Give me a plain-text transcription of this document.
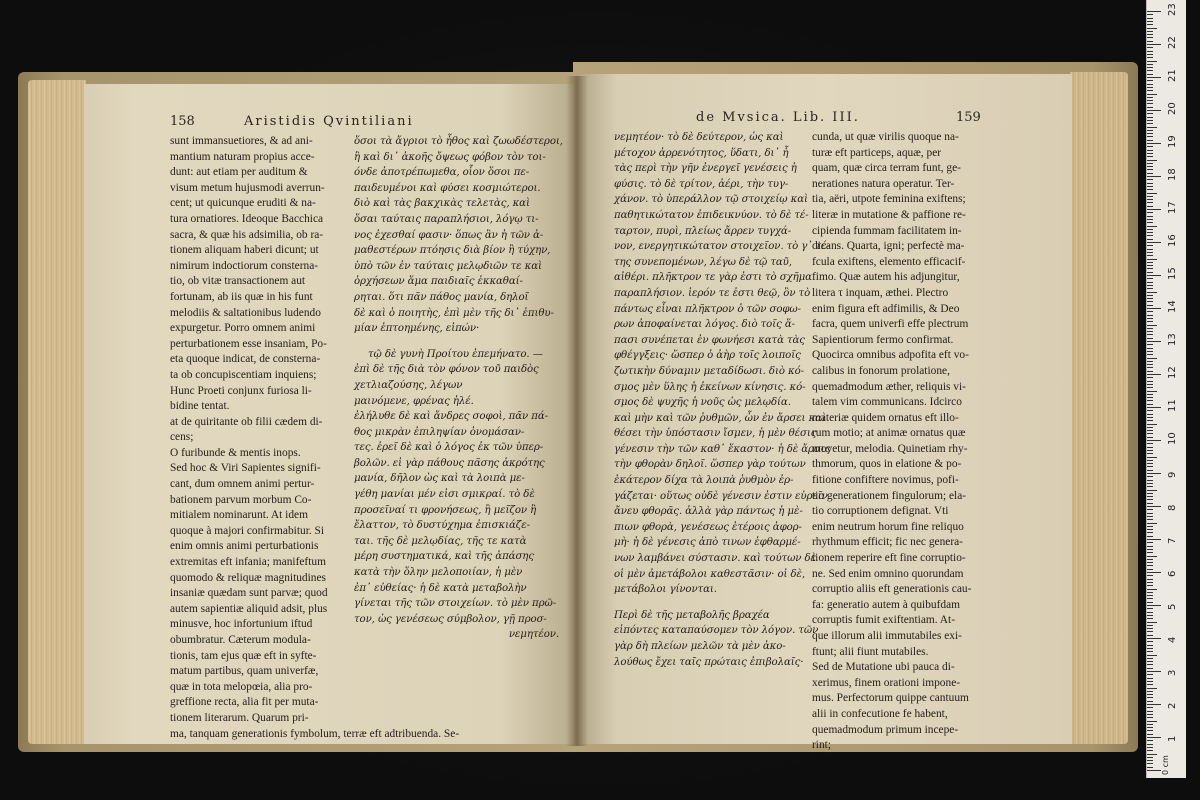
158	Aristidis Qvintiliani
sunt immansuetiores, & ad ani-
mantium naturam propius acce-
dunt: aut etiam per auditum &
visum metum hujusmodi averrun-
cent; ut quicunque eruditi & na-
tura ornatiores. Ideoque Bacchica
sacra, & quæ his adsimilia, ob ra-
tionem aliquam haberi dicunt; ut
nimirum indoctiorum consterna-
tio, ob vitæ transactionem aut
fortunam, ab iis quæ in his funt
melodiis & saltationibus ludendo
expurgetur. Porro omnem animi
perturbationem esse insaniam, Po-
eta quoque indicat, de consterna-
ta ob concupiscentiam inquiens;
Hunc Proeti conjunx furiosa li-
bidine tentat.
at de quiritante ob filii cædem di-
cens;
O furibunde & mentis inops.
Sed hoc & Viri Sapientes signifi-
cant, dum omnem animi pertur-
bationem parvum morbum Co-
mitialem nominarunt. At idem
quoque à majori confirmabitur. Si
enim omnis animi perturbationis
extremitas eft infania; manifeftum
quomodo & reliquæ magnitudines
insaniæ quædam sunt parvæ; quod
autem sapientiæ aliquid adsit, plus
minusve, hoc infortunium iftud
obumbratur. Cæterum modula-
tionis, tam ejus quæ eft in syfte-
matum partibus, quam univerfæ,
quæ in tota melopœia, alia pro-
greffione recta, alia fit per muta-
tionem literarum. Quarum pri-
ma, tanquam generationis fymbolum, terræ eft adtribuenda. Se-
ὅσοι τὰ ἄγριοι τὸ ἦθος καὶ ζωωδέστεροι,
ἢ καὶ δι᾽ ἀκοῆς ὄψεως φόβον τὸν τοι-
όνδε ἀποτρέπωμεθα, οἷον ὅσοι πε-
παιδευμένοι καὶ φύσει κοσμιώτεροι.
διὸ καὶ τὰς βακχικὰς τελετὰς, καὶ
ὅσαι ταύταις παραπλήσιοι, λόγῳ τι-
νος ἐχεσθαί φασιν· ὅπως ἂν ἡ τῶν ἀ-
μαθεστέρων πτόησις διὰ βίον ἢ τύχην,
ὑπὸ τῶν ἐν ταύταις μελῳδιῶν τε καὶ
ὀρχήσεων ἅμα παιδιαῖς ἐκκαθαί-
ρηται. ὅτι πᾶν πάθος μανία, δηλοῖ
δὲ καὶ ὁ ποιητὴς, ἐπὶ μὲν τῆς δι᾽ ἐπιθυ-
μίαν ἐπτοημένης, εἰπών·
τῷ δὲ γυνὴ Προίτου ἐπεμήνατο. —
ἐπὶ δὲ τῆς διὰ τὸν φόνον τοῦ παιδὸς
χετλιαζούσης, λέγων
μαινόμενε, φρένας ἠλέ.
ἐλήλυθε δὲ καὶ ἄνδρες σοφοὶ, πᾶν πά-
θος μικρὰν ἐπιληψίαν ὀνομάσαν-
τες. ἐρεῖ δὲ καὶ ὁ λόγος ἐκ τῶν ὑπερ-
βολῶν. εἰ γὰρ πάθους πᾶσης ἀκρότης
μανία, δῆλον ὡς καὶ τὰ λοιπὰ με-
γέθη μανίαι μέν εἰσι σμικραί. τὸ δὲ
προσεῖναί τι φρονήσεως, ἢ μεῖζον ἢ
ἔλαττον, τὸ δυστύχημα ἐπισκιάζε-
ται. τῆς δὲ μελῳδίας, τῆς τε κατὰ
μέρη συστηματικά, καὶ τῆς ἁπάσης
κατὰ τὴν ὅλην μελοποιίαν, ἡ μὲν
ἐπ᾽ εὐθείας· ἡ δὲ κατὰ μεταβολὴν
γίνεται τῆς τῶν στοιχείων. τὸ μὲν πρῶ-
τον, ὡς γενέσεως σύμβολον, γῇ προσ-
νεμητέον.
de Mvsica. Lib. III.	159
νεμητέον· τὸ δὲ δεύτερον, ὡς καὶ
μέτοχον ἀρρενότητος, ὕδατι, δι᾽ ἧ
τὰς περὶ τὴν γῆν ἐνεργεῖ γενέσεις ἡ
φύσις. τὸ δὲ τρίτον, ἀέρι, τὴν τυγ-
χάνον. τὸ ὑπεράλλον τῷ στοιχείῳ καὶ
παθητικώτατον ἐπιδεικνύον. τὸ δὲ τέ-
ταρτον, πυρὶ, πλείως ἄρρεν τυγχά-
νον, ενεργητικώτατον στοιχεῖον. τὸ γ᾽ τέ-
της συνεπομένων, λέγω δὲ τῷ ταῦ,
αἰθέρι. πλῆκτρον τε γὰρ ἐστι τὸ σχῆμα
παραπλήσιον. ἱερόν τε ἐστι θεῷ, ὃν τὸ
πάντως εἶναι πλῆκτρον ὁ τῶν σοφω-
ρων ἀποφαίνεται λόγος. διὸ τοῖς ἅ-
πασι συνέπεται ἐν φωνήεσι κατὰ τὰς
φθέγγξεις· ὥσπερ ὁ ἀὴρ τοῖς λοιποῖς
ζωτικὴν δύναμιν μεταδίδωσι. διὸ κό-
σμος μὲν ὕλης ἡ ἐκείνων κίνησις. κό-
σμος δὲ ψυχῆς ἡ νοῦς ὡς μελῳδία.
καὶ μὴν καὶ τῶν ῥυθμῶν, ὧν ἐν ἄρσει καὶ
θέσει τὴν ὑπόστασιν ἴσμεν, ἡ μὲν θέσις
γένεσιν τὴν τῶν καθ᾽ ἕκαστον· ἡ δὲ ἄρσις
τὴν φθορὰν δηλοῖ. ὥσπερ γὰρ τούτων
ἑκάτερον δίχα τὰ λοιπὰ ῥυθμὸν ἐρ-
γάζεται· οὕτως οὐδὲ γένεσιν ἐστιν εὑρεῖν
ἄνευ φθορᾶς. ἀλλὰ γὰρ πάντως ἡ μὲ-
πιων φθορὰ, γενέσεως ἑτέροις ἀφορ-
μὴ· ἡ δὲ γένεσις ἀπὸ τινων ἐφθαρμέ-
νων λαμβάνει σύστασιν. καὶ τούτων δὲ
οἱ μὲν ἀμετάβολοι καθεστᾶσιν· οἱ δὲ,
μετάβολοι γίνονται.
Περὶ δὲ τῆς μεταβολῆς βραχέα
εἰπόντες καταπαύσομεν τὸν λόγον. τῶν
γὰρ δὴ πλείων μελῶν τὰ μὲν ἀκο-
λούθως ἔχει ταῖς πρώταις ἐπιβολαῖς·
cunda, ut quæ virilis quoque na-
turæ eft particeps, aquæ, per
quam, quæ circa terram funt, ge-
nerationes natura operatur. Ter-
tia, aëri, utpote feminina exiftens;
literæ in mutatione & paffione re-
cipienda fummam facilitatem in-
dicans. Quarta, igni; perfectè ma-
fcula exiftens, elemento efficacif-
fimo. Quæ autem his adjungitur,
litera τ inquam, æthei. Plectro
enim figura eft adfimilis, & Deo
facra, quem univerfi effe plectrum
Sapientiorum fermo confirmat.
Quocirca omnibus adpofita eft vo-
calibus in fonorum prolatione,
quemadmodum æther, reliquis vi-
talem vim communicans. Idcirco
materiæ quidem ornatus eft illo-
rum motio; at animæ ornatus quæ
movetur, melodia. Quinetiam rhy-
thmorum, quos in elatione & po-
fitione confiftere novimus, pofi-
tio generationem fingulorum; ela-
tio corruptionem defignat. Vti
enim neutrum horum fine reliquo
rhythmum efficit; fic nec genera-
tionem reperire eft fine corruptio-
ne. Sed enim omnino quorundam
corruptio aliis eft generationis cau-
fa: generatio autem à quibufdam
corruptis fumit exiftentiam. At-
que illorum alii immutabiles exi-
ftunt; alii fiunt mutabiles.
Sed de Mutatione ubi pauca di-
xerimus, finem orationi impone-
mus. Perfectorum quippe cantuum
alii in confecutione fe habent,
quemadmodum primum incepe-
rint;
0 cm
1
2
3
4
5
6
7
8
9
10
11
12
13
14
15
16
17
18
19
20
21
22
23
